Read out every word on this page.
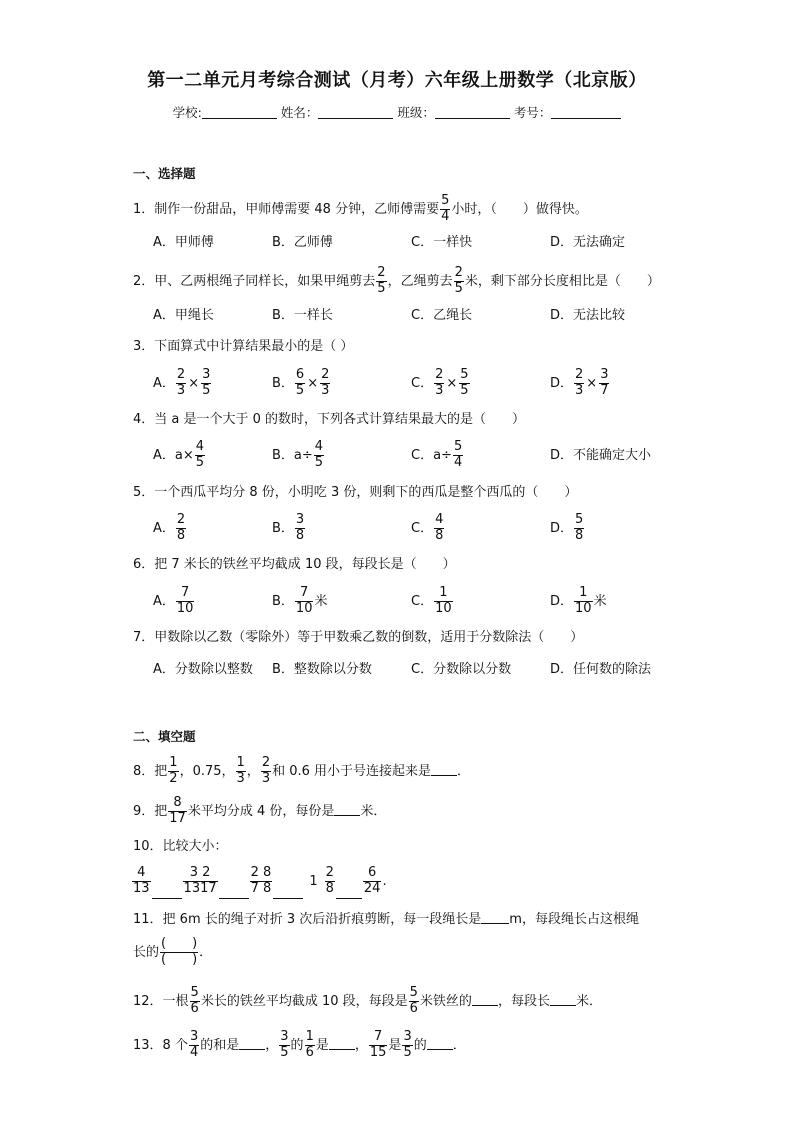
第一二单元月考综合测试（月考）六年级上册数学（北京版）
学校:	姓名：	班级：	考号：
一、选择题
1．制作一份甜品，甲师傅需要 48 分钟，乙师傅需要 $\frac{5}{4}$ 小时，（　　）做得快。
A．甲师傅	B．乙师傅	C．一样快	D．无法确定
2．甲、乙两根绳子同样长，如果甲绳剪去 $\frac{2}{5}$ ，乙绳剪去 $\frac{2}{5}$ 米，剩下部分长度相比是（　　）
A．甲绳长	B．一样长	C．乙绳长	D．无法比较
3．下面算式中计算结果最小的是（ ）
A． $\frac{2}{3} \times \frac{3}{5}$	B． $\frac{6}{5} \times \frac{2}{3}$	C． $\frac{2}{3} \times \frac{5}{5}$	D． $\frac{2}{3} \times \frac{3}{7}$
4．当 a 是一个大于 0 的数时，下列各式计算结果最大的是（　　）
A．$a\times \frac{4}{5}$	B．$a\div \frac{4}{5}$	C．$a\div \frac{5}{4}$	D．不能确定大小
5．一个西瓜平均分 8 份，小明吃 3 份，则剩下的西瓜是整个西瓜的（　　）
A． $\frac{2}{8}$	B． $\frac{3}{8}$	C． $\frac{4}{8}$	D． $\frac{5}{8}$
6．把 7 米长的铁丝平均截成 10 段，每段长是（　　）
A． $\frac{7}{10}$	B． $\frac{7}{10}$ 米	C． $\frac{1}{10}$	D． $\frac{1}{10}$ 米
7．甲数除以乙数（零除外）等于甲数乘乙数的倒数，适用于分数除法（　　）
A．分数除以整数 B．整数除以分数	C．分数除以分数	D．任何数的除法
二、填空题
8．把 $\frac{1}{2}$ ，0.75， $\frac{1}{3}$ ， $\frac{2}{3}$ 和 0.6 用小于号连接起来是 ．
9．把 $\frac{8}{17}$ 米平均分成 4 份，每份是 米．
10．比较大小：
$\frac{4}{13} \frac{3 2}{1317} \frac{2 8}{7 8}$	$1 \frac{2}{8} \frac{6}{24}$ .
11．把 6m 长的绳子对折 3 次后沿折痕剪断，每一段绳长是 m，每段绳长占这根绳
长的 $\frac{( )}{( )}$ ．
12．一根 $\frac{5}{6}$ 米长的铁丝平均截成 10 段，每段是 $\frac{5}{6}$ 米铁丝的 ，每段长 米．
13．8 个 $\frac{3}{4}$ 的和是 ， $\frac{3}{5}$ 的 $\frac{1}{6}$ 是 ， $\frac{7}{15}$ 是 $\frac{3}{5}$ 的 ．
